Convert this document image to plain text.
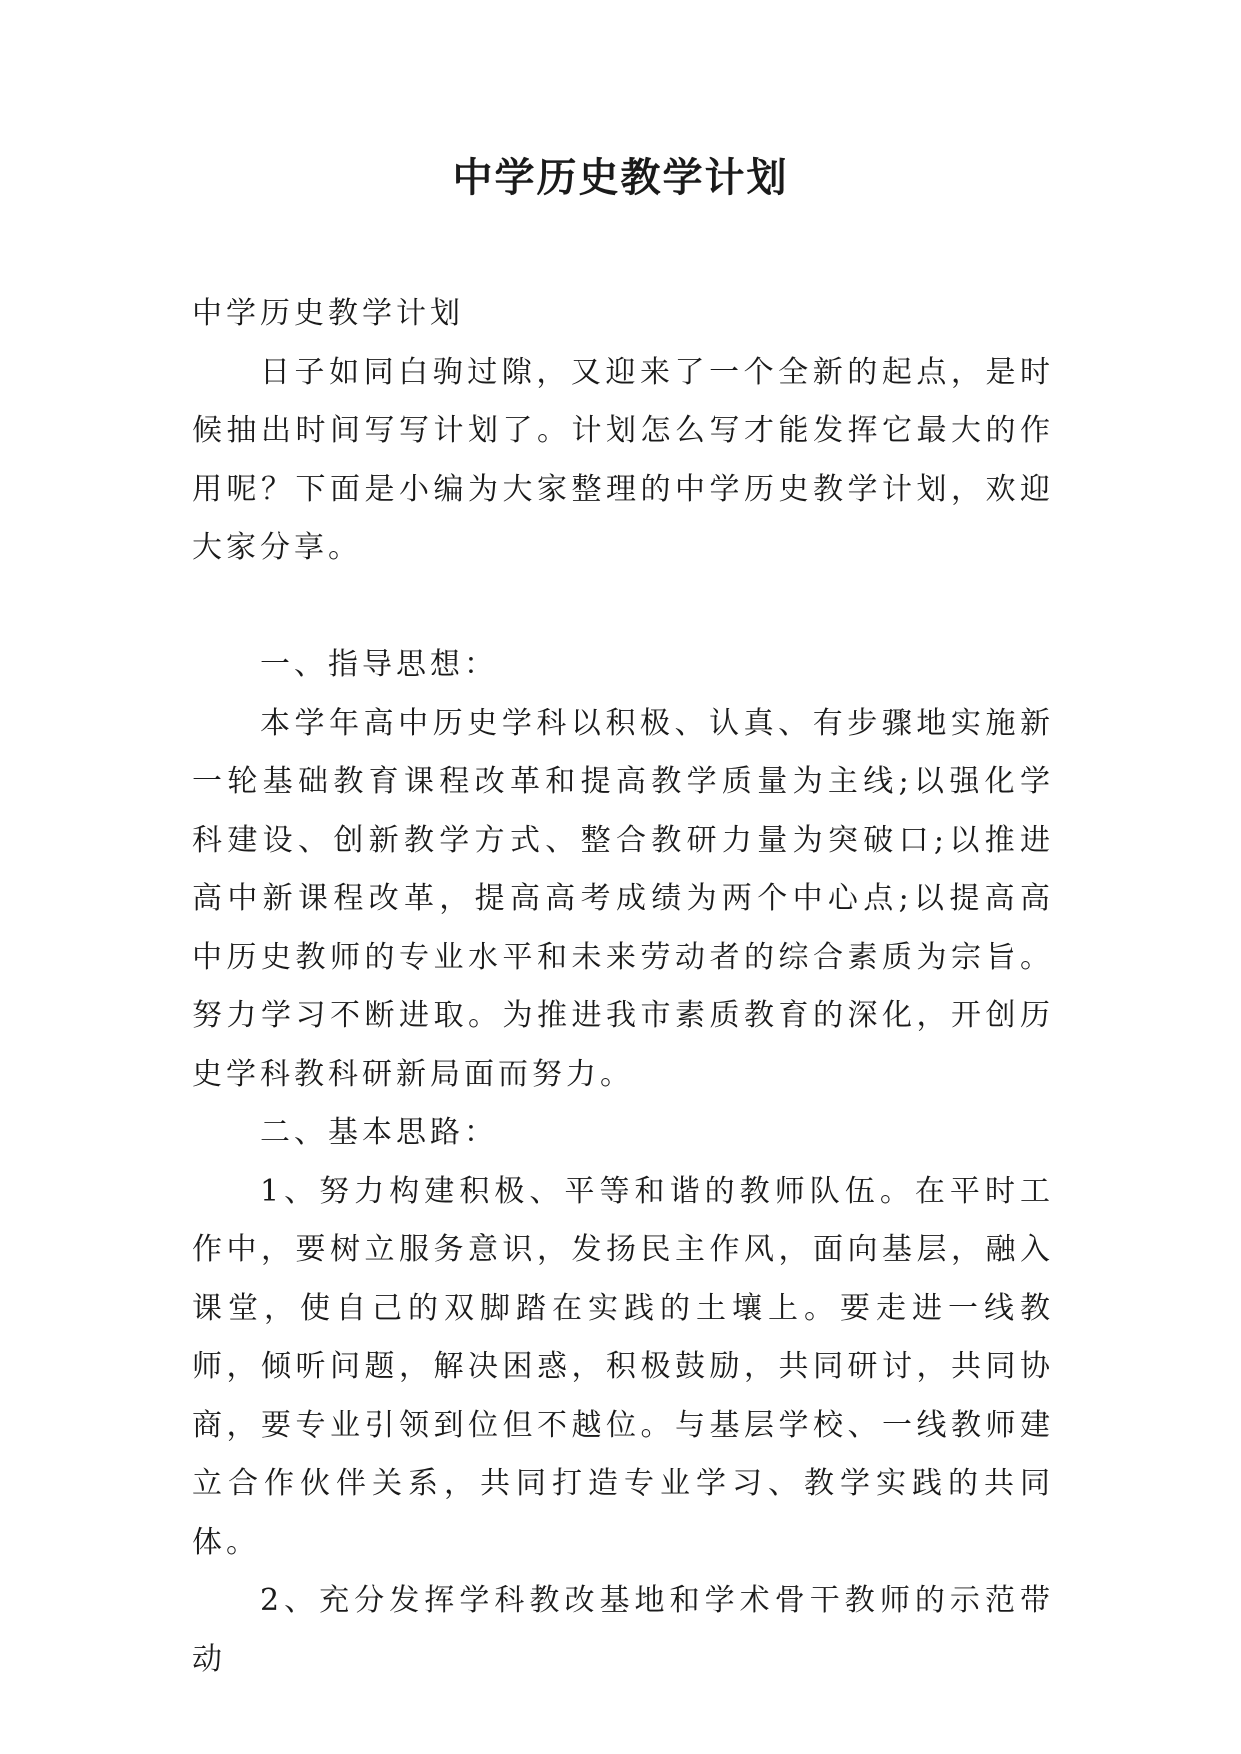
中学历史教学计划

中学历史教学计划

日子如同白驹过隙，又迎来了一个全新的起点，是时候抽出时间写写计划了。计划怎么写才能发挥它最大的作用呢？下面是小编为大家整理的中学历史教学计划，欢迎大家分享。

一、指导思想：

本学年高中历史学科以积极、认真、有步骤地实施新一轮基础教育课程改革和提高教学质量为主线;以强化学科建设、创新教学方式、整合教研力量为突破口;以推进高中新课程改革，提高高考成绩为两个中心点;以提高高中历史教师的专业水平和未来劳动者的综合素质为宗旨。努力学习不断进取。为推进我市素质教育的深化，开创历史学科教科研新局面而努力。

二、基本思路：

1、努力构建积极、平等和谐的教师队伍。在平时工作中，要树立服务意识，发扬民主作风，面向基层，融入课堂，使自己的双脚踏在实践的土壤上。要走进一线教师，倾听问题，解决困惑，积极鼓励，共同研讨，共同协商，要专业引领到位但不越位。与基层学校、一线教师建立合作伙伴关系，共同打造专业学习、教学实践的共同体。

2、充分发挥学科教改基地和学术骨干教师的示范带动
